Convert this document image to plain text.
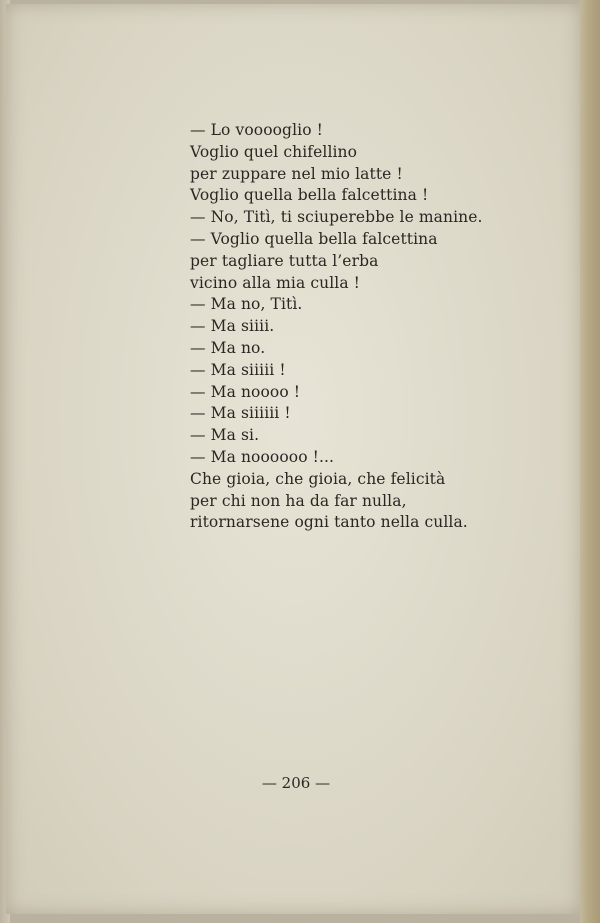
— Lo vooooglio !

Voglio quel chifellino

per zuppare nel mio latte !

Voglio quella bella falcettina !

— No, Titì, ti sciuperebbe le manine.

— Voglio quella bella falcettina

per tagliare tutta l’erba

vicino alla mia culla !

— Ma no, Titì.

— Ma siiii.

— Ma no.

— Ma siiiii !

— Ma noooo !

— Ma siiiiii !

— Ma si.

— Ma noooooo !...

Che gioia, che gioia, che felicità

per chi non ha da far nulla,

ritornarsene ogni tanto nella culla.

— 206 —
